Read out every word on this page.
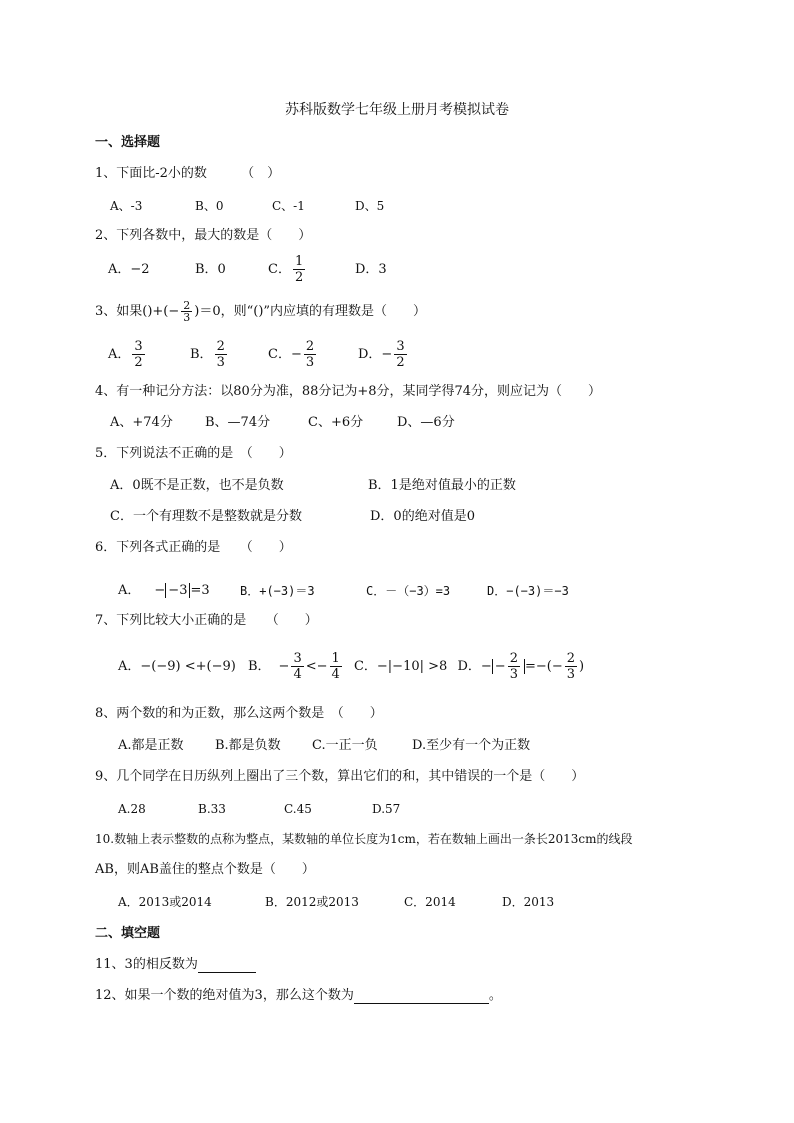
苏科版数学七年级上册月考模拟试卷
一、选择题
1、下面比-2小的数	（　）
A、-3	B、0	C、-1	D、5
2、下列各数中，最大的数是（　　）
A．−2	B．0	C． $\frac{1}{2}$	D．3
3、如果()+(− $\frac{2}{3} )=0$，则“()”内应填的有理数是（　　）
A． $\frac{3}{2}$	B． $\frac{2}{3}$	C．− $\frac{2}{3}$	D．− $\frac{3}{2}$
4、有一种记分方法：以80分为准，88分记为+8分，某同学得74分，则应记为（　　）
A、+74分 B、—74分	C、+6分	D、—6分
5．下列说法不正确的是　（　　）
A．0既不是正数，也不是负数	B．1是绝对值最小的正数
C．一个有理数不是整数就是分数	D．0的绝对值是0
6．下列各式正确的是　　（　　）
A． − −3 =3	B．+(−3)＝3	C．－（−3）=3	D．−(−3)＝−3
7、下列比较大小正确的是　　（　　）
A．−(−9) <+(−9) B． − $\frac{3}{4} <- \frac{1}{4}$ C．−|−10| >8 D．− − $\frac{2}{3}$ =−(− $\frac{2}{3}$ )
8、两个数的和为正数，那么这两个数是　（　　）
A.都是正数 B.都是负数 C.一正一负	D.至少有一个为正数
9、几个同学在日历纵列上圈出了三个数，算出它们的和，其中错误的一个是（　　）
A.28	B.33	C.45	D.57
10.数轴上表示整数的点称为整点，某数轴的单位长度为1cm，若在数轴上画出一条长2013cm的线段
AB，则AB盖住的整点个数是（　　）
A．2013或2014	B．2012或2013	C．2014	D．2013
二、填空题
11、3的相反数为
12、如果一个数的绝对值为3，那么这个数为	。
